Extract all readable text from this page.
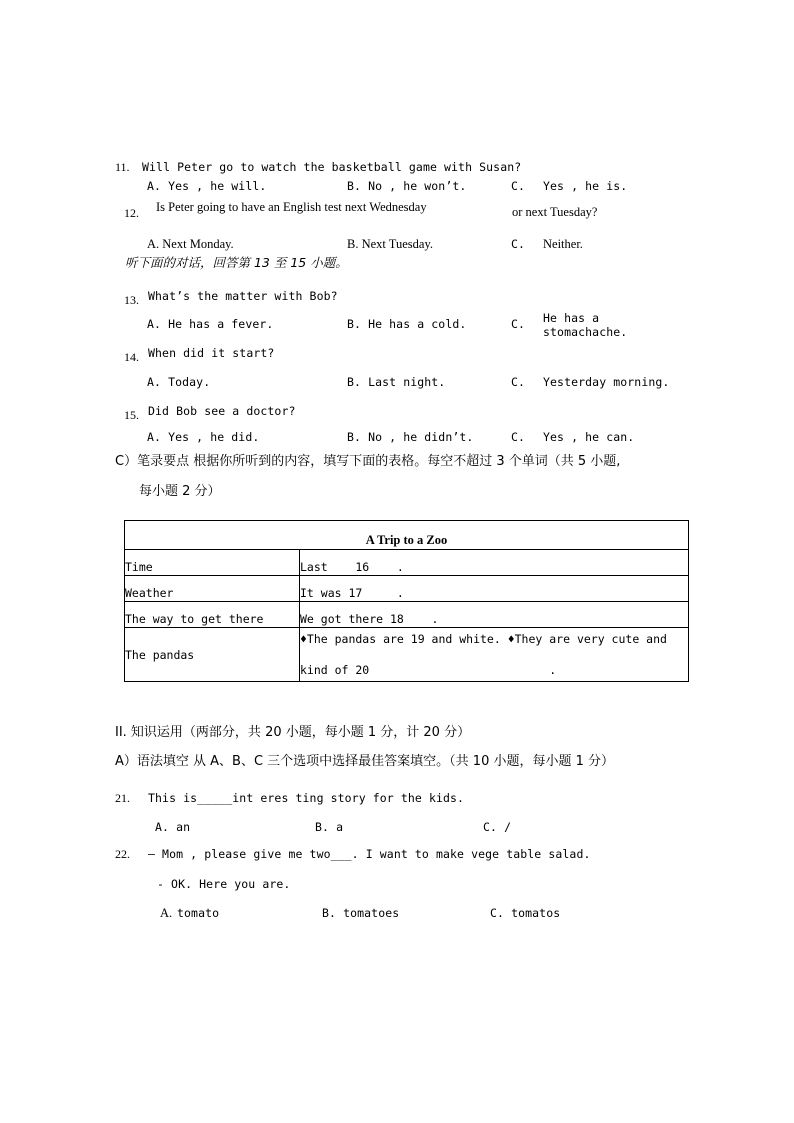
11. Will Peter go to watch the basketball game with Susan?
A. Yes , he will.	B. No , he won’t.	C. Yes , he is.
12. Is Peter going to have an English test next Wednesday	or next Tuesday?
A. Next Monday.	B. Next Tuesday.	C. Neither.
听下面的对话，回答第 13 至 15 小题。
13. What’s the matter with Bob?
A. He has a fever.	B. He has a cold.	C. He has a stomachache.
14. When did it start?
A. Today.	B. Last night.	C. Yesterday morning.
15. Did Bob see a doctor?
A. Yes , he did.	B. No , he didn’t.	C. Yes , he can.
C）笔录要点 根据你所听到的内容，填写下面的表格。每空不超过 3 个单词（共 5 小题,
每小题 2 分）
A Trip to a Zoo	

Time	Last    16    .

Weather	It was 17     .

The way to get there	We got there 18    .

The pandas	♦The pandas are 19 and white. ♦They are very cute and
kind of 20                          .
II. 知识运用（两部分，共 20 小题，每小题 1 分，计 20 分）
A）语法填空 从 A、B、C 三个选项中选择最佳答案填空。（共 10 小题，每小题 1 分）
21. This is_____int eres ting story for the kids.
A. an	B. a	C. /
22. — Mom , please give me two___. I want to make vege table salad.
- OK. Here you are.
A. tomato	B. tomatoes	C. tomatos
